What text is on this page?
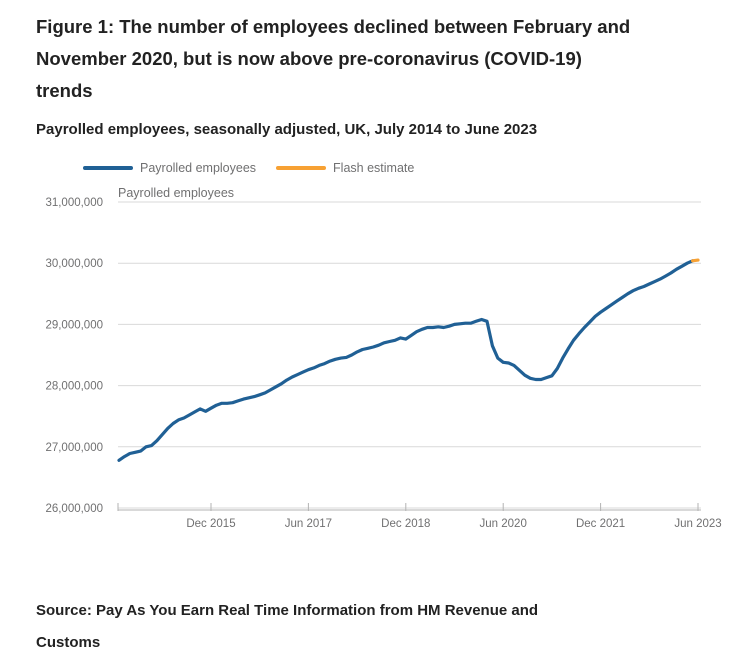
Figure 1: The number of employees declined between February and November 2020, but is now above pre-coronavirus (COVID-19) trends
Payrolled employees, seasonally adjusted, UK, July 2014 to June 2023
Payrolled employees	Flash estimate
Payrolled employees
31,000,000
30,000,000
29,000,000
28,000,000
27,000,000
26,000,000
Dec 2015	Jun 2017	Dec 2018	Jun 2020	Dec 2021	Jun 2023
Source: Pay As You Earn Real Time Information from HM Revenue and Customs
